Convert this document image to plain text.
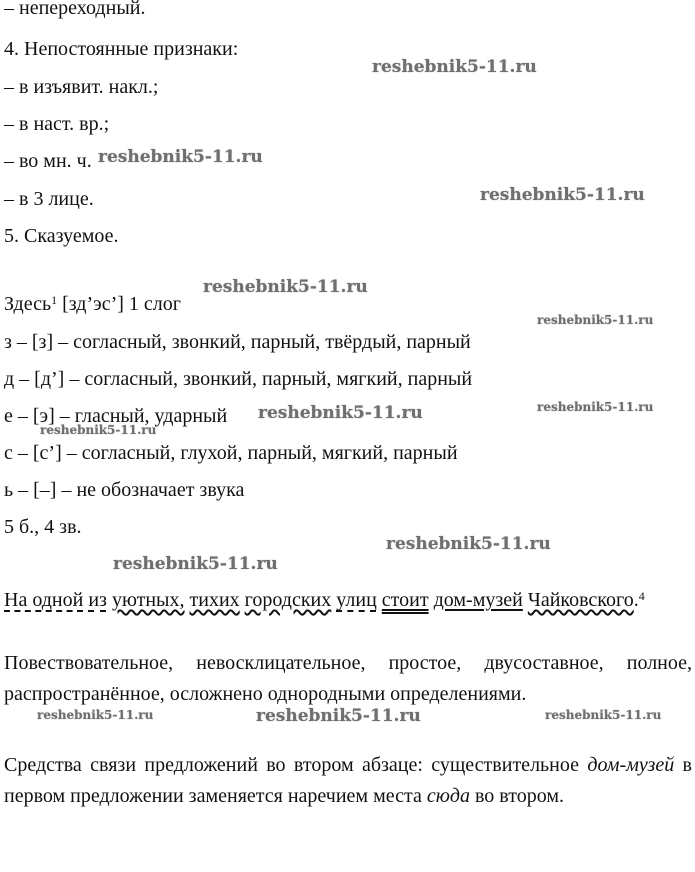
– непереходный.
4. Непостоянные признаки:
– в изъявит. накл.;
– в наст. вр.;
– во мн. ч.
– в 3 лице.
5. Сказуемое.
Здесь$^1$ [зд’эс’] 1 слог
з – [з] – согласный, звонкий, парный, твёрдый, парный
д – [д’] – согласный, звонкий, парный, мягкий, парный
е – [э] – гласный, ударный
с – [с’] – согласный, глухой, парный, мягкий, парный
ь – [–] – не обозначает звука
5 б., 4 зв.
На одной из уютных, тихих городских улиц стоит дом-музей Чайковского.$^4$
Повествовательное, невосклицательное, простое, двусоставное, полное, распространённое, осложнено однородными определениями.
Средства связи предложений во втором абзаце: существительное дом-музей в первом предложении заменяется наречием места сюда во втором.
reshebnik5-11.ru
reshebnik5-11.ru
reshebnik5-11.ru
reshebnik5-11.ru
reshebnik5-11.ru
reshebnik5-11.ru	reshebnik5-11.ru
reshebnik5-11.ru
reshebnik5-11.ru
reshebnik5-11.ru
reshebnik5-11.ru	reshebnik5-11.ru	reshebnik5-11.ru
